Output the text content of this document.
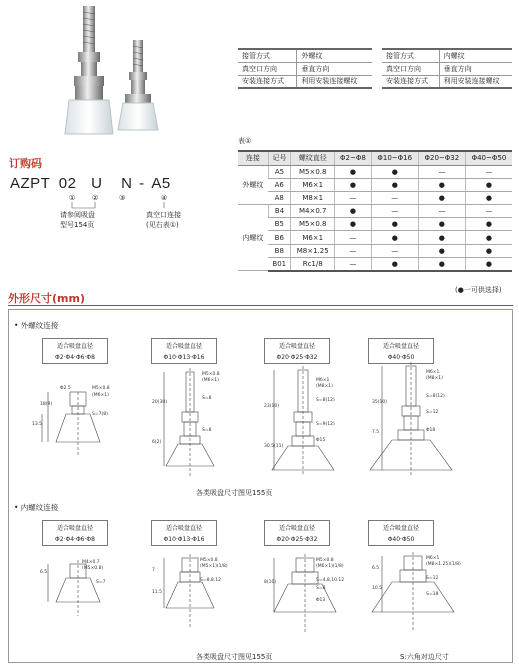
接管方式	外螺纹
真空口方向	垂直方向
安装连接方式	利用安装连接螺纹
接管方式	内螺纹
真空口方向	垂直方向
安装连接方式	利用安装连接螺纹
订购码
AZPT 02 U N - A5
① ②	③	④
请参阅吸盘
型号154页
真空口连接
(见右表①)
表①
连接	记号	螺纹直径	Φ2~Φ8	Φ10~Φ16	Φ20~Φ32	Φ40~Φ50
外螺纹	A5	M5×0.8	●	●	—	—
	A6	M6×1	●	●	●	●
	A8	M8×1	—	—	●	●
内螺纹	B4	M4×0.7	●	—	—	—
	B5	M5×0.8	●	●	●	●
	B6	M6×1	—	●	●	●
	B8	M8×1.25	—	—	●	●
	B01	Rc1/8	—	●	●	●
(●一可供选择)
外形尺寸(mm)
• 外螺纹连接
适合吸盘直径
Φ2·Φ4·Φ6·Φ8
适合吸盘直径
Φ10·Φ13·Φ16
适合吸盘直径
Φ20·Φ25·Φ32
适合吸盘直径
Φ40·Φ50
Φ2.5	M5×0.8
(M6×1)
S=7(8)
18(9)
13.5
M5×0.8
(M6×1)
S=8
S=8
20(30)
6(2)
M6×1
(M8×1)
S=8(12)
S=9(12)
Φ15
23(10)
30.5(11)
M6×1
(M8×1)
S=8(12)
S=12
Φ18
35(10)
7.5
各类吸盘尺寸图见155页
• 内螺纹连接
适合吸盘直径
Φ2·Φ4·Φ6·Φ8
适合吸盘直径
Φ10·Φ13·Φ16
适合吸盘直径
Φ20·Φ25·Φ32
适合吸盘直径
Φ40·Φ50
M4×0.7
(M5×0.8)
S=7
6.5
M5×0.8
(M5×1)(1/8)
S=8,8.12
7
11.5
M5×0.8
(M6×1)(1/8)
S=4.8,10.12
S=8
Φ13
8(10)
M6×1
(M8×1.25)(1/8)
S=12
S=18
6.5
10.5
各类吸盘尺寸图见155页	S:六角对边尺寸
